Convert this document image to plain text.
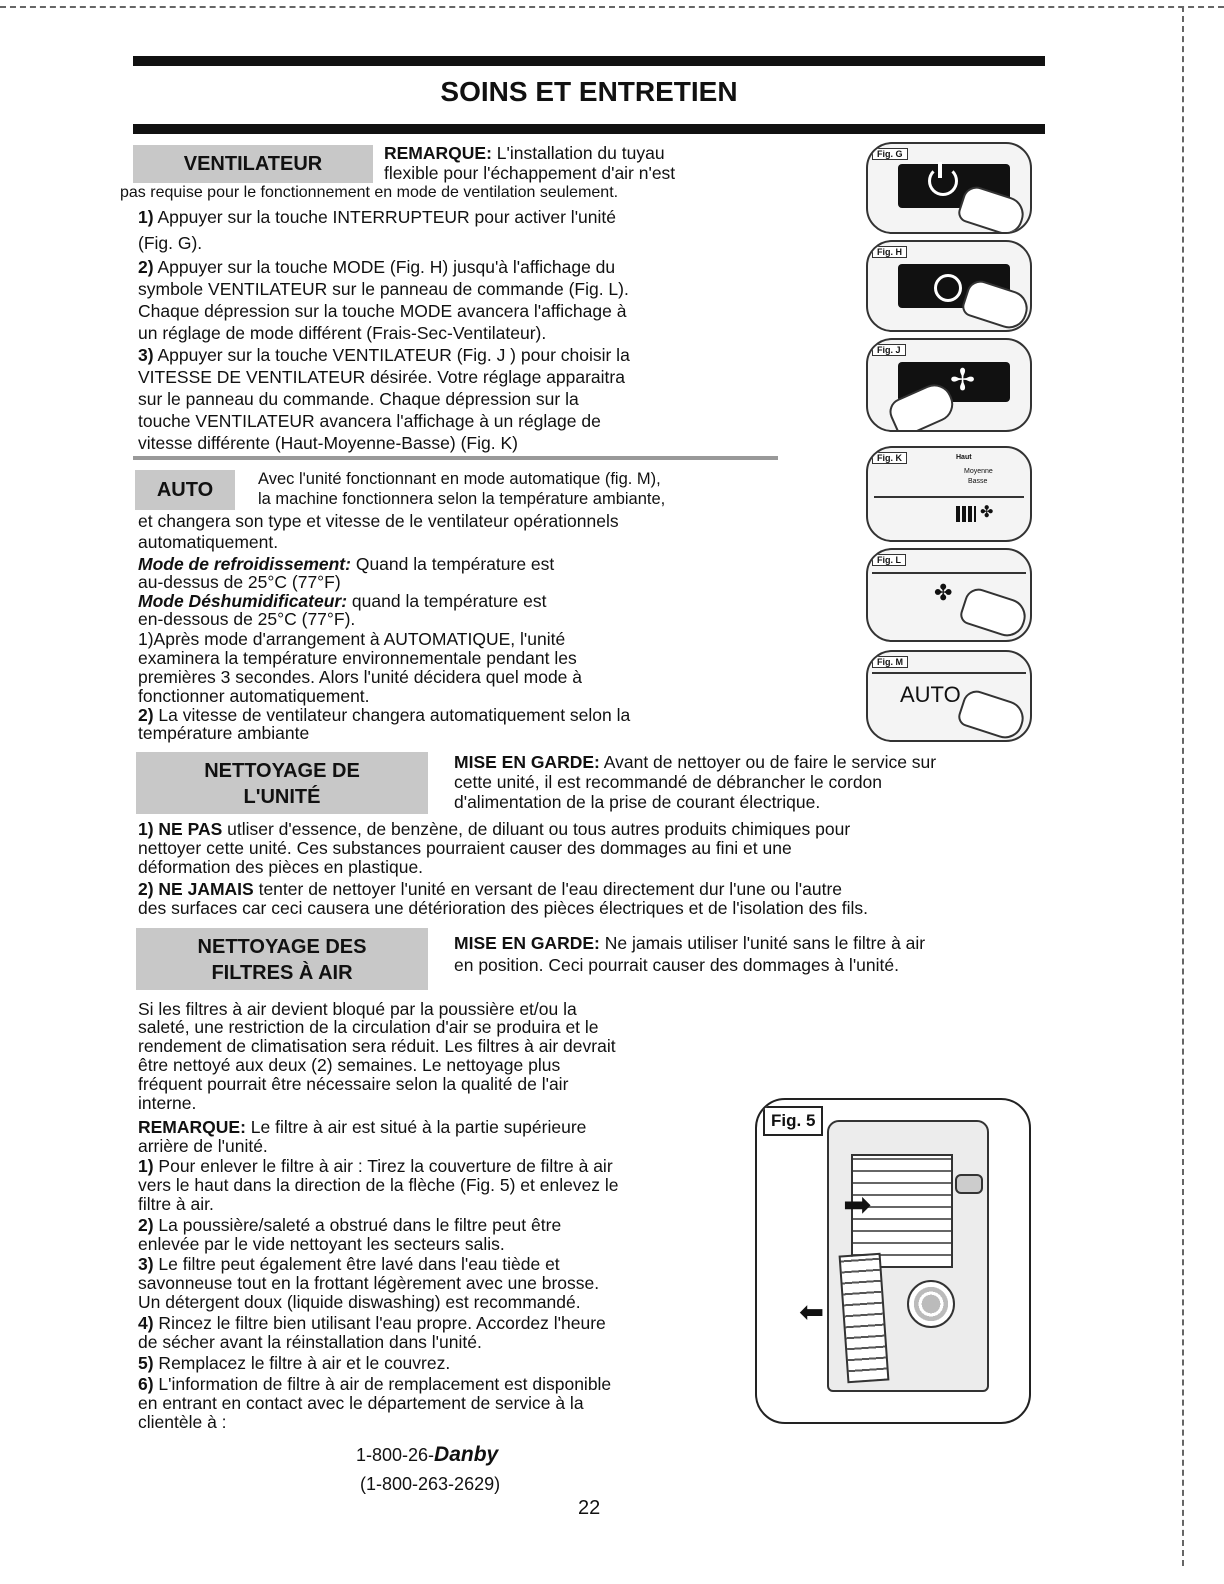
SOINS ET ENTRETIEN
VENTILATEUR	REMARQUE: L'installation du tuyau
flexible pour l'échappement d'air n'est
pas requise pour le fonctionnement en mode de ventilation seulement.
1) Appuyer sur la touche INTERRUPTEUR pour activer l'unité
(Fig. G).
2) Appuyer sur la touche MODE (Fig. H) jusqu'à l'affichage du
symbole VENTILATEUR sur le panneau de commande (Fig. L).
Chaque dépression sur la touche MODE avancera l'affichage à
un réglage de mode différent (Frais-Sec-Ventilateur).
3) Appuyer sur la touche VENTILATEUR (Fig. J ) pour choisir la
VITESSE DE VENTILATEUR désirée. Votre réglage apparaitra
sur le panneau du commande. Chaque dépression sur la
touche VENTILATEUR avancera l'affichage à un réglage de
vitesse différente (Haut-Moyenne-Basse) (Fig. K)
AUTO	Avec l'unité fonctionnant en mode automatique (fig. M),
la machine fonctionnera selon la température ambiante,
et changera son type et vitesse de le ventilateur opérationnels
automatiquement.
Mode de refroidissement: Quand la température est
au-dessus de 25°C (77°F)
Mode Déshumidificateur: quand la température est
en-dessous de 25°C (77°F).
1)Après mode d'arrangement à AUTOMATIQUE, l'unité
examinera la température environnementale pendant les
premières 3 secondes. Alors l'unité décidera quel mode à
fonctionner automatiquement.
2) La vitesse de ventilateur changera automatiquement selon la
température ambiante
NETTOYAGE DE
L'UNITÉ
MISE EN GARDE: Avant de nettoyer ou de faire le service sur
cette unité, il est recommandé de débrancher le cordon
d'alimentation de la prise de courant électrique.
1) NE PAS utliser d'essence, de benzène, de diluant ou tous autres produits chimiques pour
nettoyer cette unité. Ces substances pourraient causer des dommages au fini et une
déformation des pièces en plastique.
2) NE JAMAIS tenter de nettoyer l'unité en versant de l'eau directement dur l'une ou l'autre
des surfaces car ceci causera une détérioration des pièces électriques et de l'isolation des fils.
NETTOYAGE DES
FILTRES À AIR
MISE EN GARDE: Ne jamais utiliser l'unité sans le filtre à air
en position. Ceci pourrait causer des dommages à l'unité.
Si les filtres à air devient bloqué par la poussière et/ou la
saleté, une restriction de la circulation d'air se produira et le
rendement de climatisation sera réduit. Les filtres à air devrait
être nettoyé aux deux (2) semaines. Le nettoyage plus
fréquent pourrait être nécessaire selon la qualité de l'air
interne.
REMARQUE: Le filtre à air est situé à la partie supérieure
arrière de l'unité.
1) Pour enlever le filtre à air : Tirez la couverture de filtre à air
vers le haut dans la direction de la flèche (Fig. 5) et enlevez le
filtre à air.
2) La poussière/saleté a obstrué dans le filtre peut être
enlevée par le vide nettoyant les secteurs salis.
3) Le filtre peut également être lavé dans l'eau tiède et
savonneuse tout en la frottant légèrement avec une brosse.
Un détergent doux (liquide diswashing) est recommandé.
4) Rincez le filtre bien utilisant l'eau propre. Accordez l'heure
de sécher avant la réinstallation dans l'unité.
5) Remplacez le filtre à air et le couvrez.
6) L'information de filtre à air de remplacement est disponible
en entrant en contact avec le département de service à la
clientèle à :
1-800-26-Danby
(1-800-263-2629)
22
Fig. G
Fig. H
Fig. J
✢
Fig. K	Haut
Moyenne
Basse
✤
Fig. L
✤
Fig. M
AUTO
Fig. 5
➡
⬅
